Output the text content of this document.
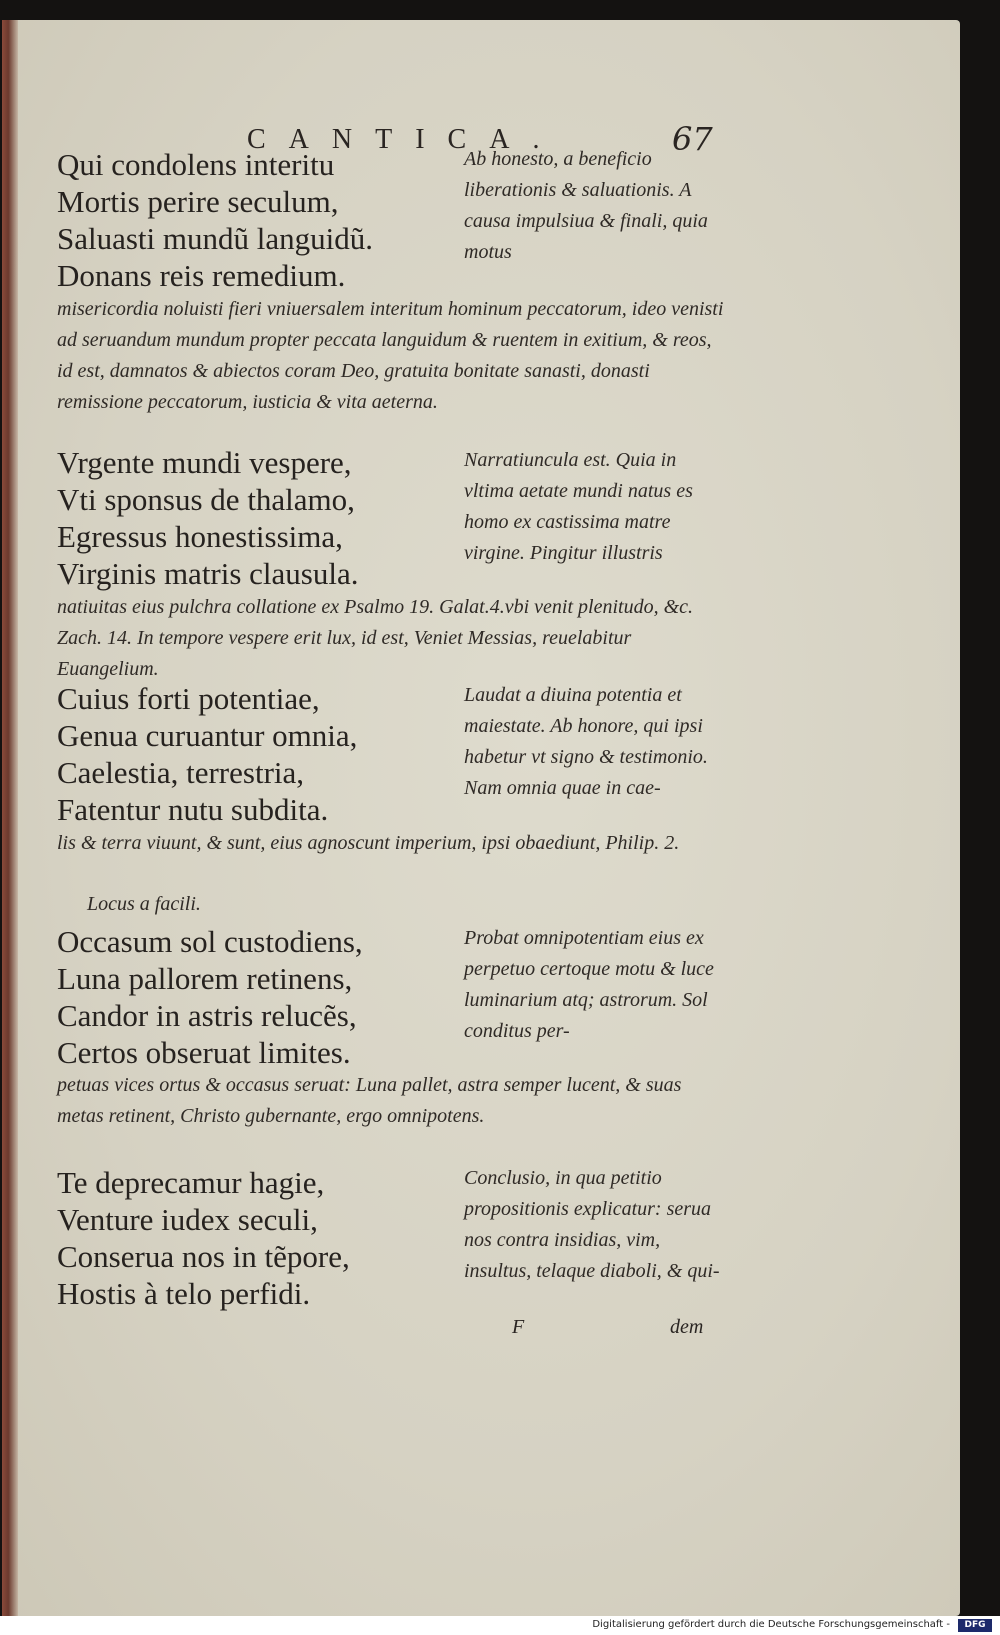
CANTICA.	67
Qui condolens interitu
Mortis perire seculum,
Saluasti mundũ languidũ.
Donans reis remedium.
Ab honesto, a beneficio liberationis & saluationis. A causa impulsiua & finali, quia motus
misericordia noluisti fieri vniuersalem interitum hominum peccatorum, ideo venisti ad seruandum mundum propter peccata languidum & ruentem in exitium, & reos, id est, damnatos & abiectos coram Deo, gratuita bonitate sanasti, donasti remissione peccatorum, iusticia & vita aeterna.
Vrgente mundi vespere,
Vti sponsus de thalamo,
Egressus honestissima,
Virginis matris clausula.
Narratiuncula est. Quia in vltima aetate mundi natus es homo ex castissima matre virgine. Pingitur illustris
natiuitas eius pulchra collatione ex Psalmo 19. Galat.4.vbi venit plenitudo, &c. Zach. 14. In tempore vespere erit lux, id est, Veniet Messias, reuelabitur Euangelium.
Cuius forti potentiae,
Genua curuantur omnia,
Caelestia, terrestria,
Fatentur nutu subdita.
Laudat a diuina potentia et maiestate. Ab honore, qui ipsi habetur vt signo & testimonio. Nam omnia quae in cae-
lis & terra viuunt, & sunt, eius agnoscunt imperium, ipsi obaediunt, Philip. 2.
Locus a facili.
Occasum sol custodiens,
Luna pallorem retinens,
Candor in astris relucẽs,
Certos obseruat limites.
Probat omnipotentiam eius ex perpetuo certoque motu & luce luminarium atq; astrorum. Sol conditus per-
petuas vices ortus & occasus seruat: Luna pallet, astra semper lucent, & suas metas retinent, Christo gubernante, ergo omnipotens.
Te deprecamur hagie,
Venture iudex seculi,
Conserua nos in tẽpore,
Hostis à telo perfidi.
Conclusio, in qua petitio propositionis explicatur: serua nos contra insidias, vim, insultus, telaque diaboli, & qui-
F	dem
Digitalisierung gefördert durch die Deutsche Forschungsgemeinschaft -	DFG
